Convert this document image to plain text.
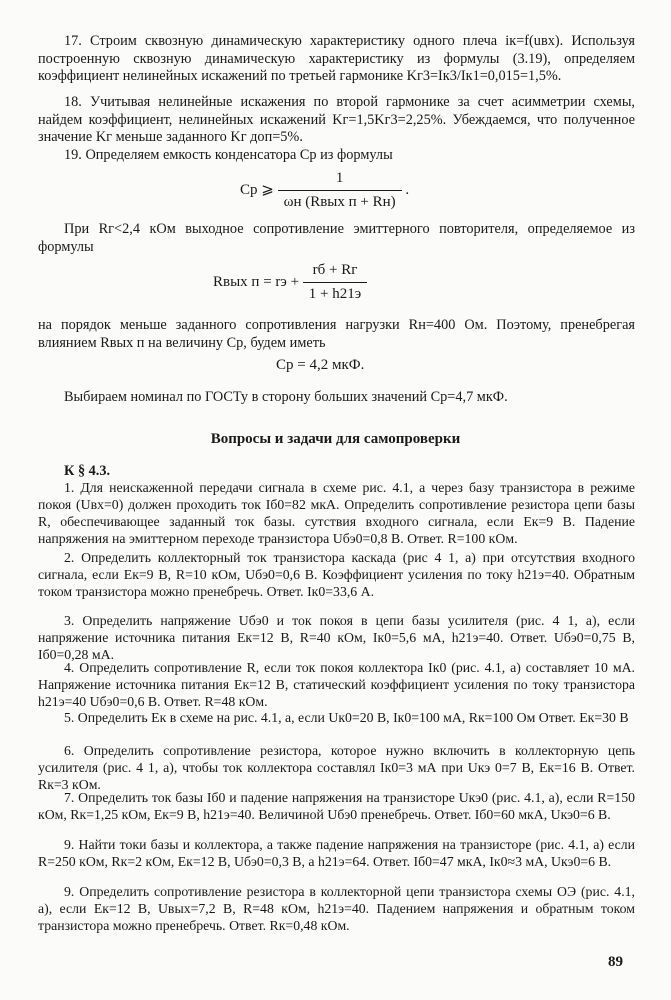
17. Строим сквозную динамическую характеристику одного плеча iк=f(uвх). Используя построенную сквозную динамическую характеристику из формулы (3.19), определяем коэффициент нелинейных искажений по третьей гармонике Kг3=Iк3/Iк1=0,015=1,5%.

18. Учитывая нелинейные искажения по второй гармонике за счет асимметрии схемы, найдем коэффициент, нелинейных искажений Kг=1,5Kг3=2,25%. Убеждаемся, что полученное значение Kг меньше заданного Kг доп=5%.

19. Определяем емкость конденсатора Cр из формулы

Cр ⩾ $\frac{1}{\text{ωн (Rвых п + Rн)}}$ .

При Rг<2,4 кОм выходное сопротивление эмиттерного повторителя, определяемое из формулы

Rвых п = rэ + $\frac{rб + Rг}{1 + h21э}$

на порядок меньше заданного сопротивления нагрузки Rн=400 Ом. Поэтому, пренебрегая влиянием Rвых п на величину Cр, будем иметь

Cр = 4,2 мкФ.

Выбираем номинал по ГОСТу в сторону больших значений Cр=4,7 мкФ.

Вопросы и задачи для самопроверки

К § 4.3.

1. Для неискаженной передачи сигнала в схеме рис. 4.1, а через базу транзистора в режиме покоя (Uвх=0) должен проходить ток Iб0=82 мкА. Определить сопротивление резистора цепи базы R, обеспечивающее заданный ток базы. сутствия входного сигнала, если Eк=9 В. Падение напряжения на эмиттерном переходе транзистора Uбэ0=0,8 В. Ответ. R=100 кОм.

2. Определить коллекторный ток транзистора каскада (рис 4 1, а) при отсутствия входного сигнала, если Eк=9 В, R=10 кОм, Uбэ0=0,6 В. Коэффициент усиления по току h21э=40. Обратным током транзистора можно пренебречь. Ответ. Iк0=33,6 А.

3. Определить напряжение Uбэ0 и ток покоя в цепи базы усилителя (рис. 4 1, а), если напряжение источника питания Eк=12 В, R=40 кОм, Iк0=5,6 мА, h21э=40. Ответ. Uбэ0=0,75 В, Iб0=0,28 мА.

4. Определить сопротивление R, если ток покоя коллектора Iк0 (рис. 4.1, а) составляет 10 мА. Напряжение источника питания Eк=12 В, статический коэффициент усиления по току транзистора h21э=40 Uбэ0=0,6 В. Ответ. R=48 кОм.

5. Определить Eк в схеме на рис. 4.1, а, если Uк0=20 В, Iк0=100 мА, Rк=100 Ом Ответ. Eк=30 В

6. Определить сопротивление резистора, которое нужно включить в коллекторную цепь усилителя (рис. 4 1, а), чтобы ток коллектора составлял Iк0=3 мА при Uкэ 0=7 В, Eк=16 В. Ответ. Rк=3 кОм.

7. Определить ток базы Iб0 и падение напряжения на транзисторе Uкэ0 (рис. 4.1, а), если R=150 кОм, Rк=1,25 кОм, Eк=9 В, h21э=40. Величиной Uбэ0 пренебречь. Ответ. Iб0=60 мкА, Uкэ0=6 В.

9. Найти токи базы и коллектора, а также падение напряжения на транзисторе (рис. 4.1, а) если R=250 кОм, Rк=2 кОм, Eк=12 В, Uбэ0=0,3 В, а h21э=64. Ответ. Iб0=47 мкА, Iк0≈3 мА, Uкэ0=6 В.

9. Определить сопротивление резистора в коллекторной цепи транзистора схемы ОЭ (рис. 4.1, а), если Eк=12 В, Uвых=7,2 В, R=48 кОм, h21э=40. Падением напряжения и обратным током транзистора можно пренебречь. Ответ. Rк=0,48 кОм.

89
